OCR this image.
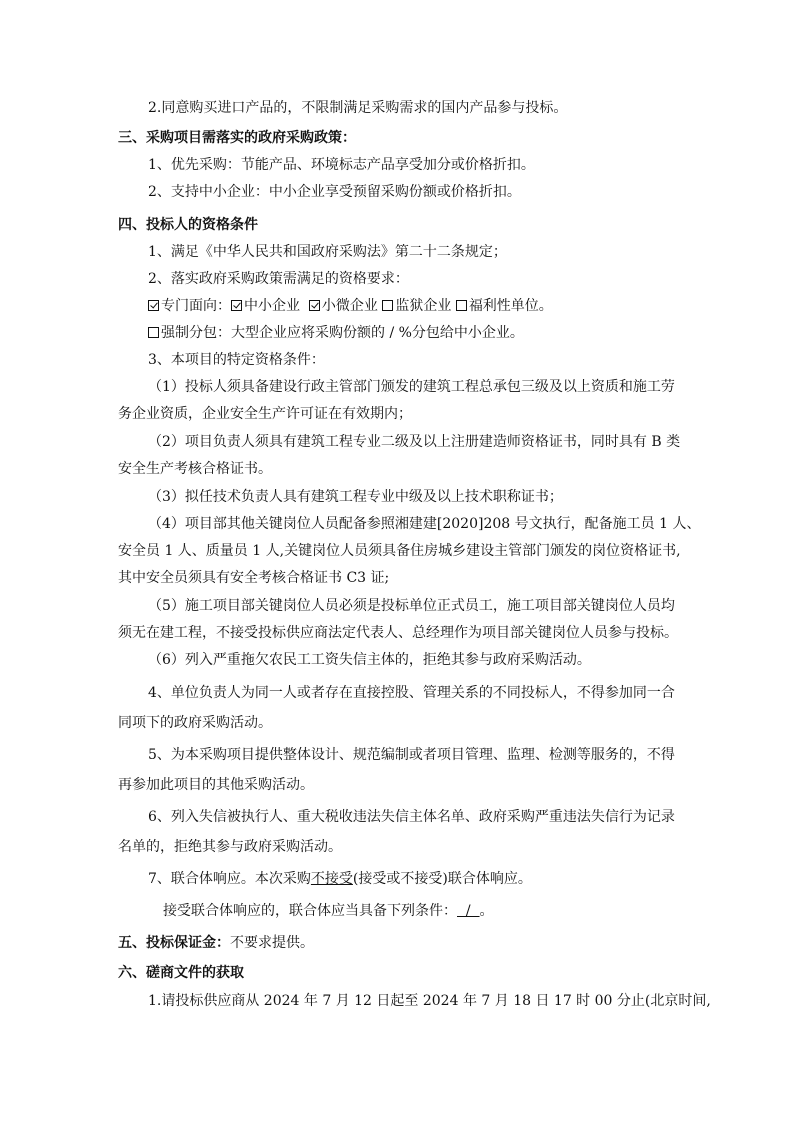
2.同意购买进口产品的，不限制满足采购需求的国内产品参与投标。
三、采购项目需落实的政府采购政策：
1、优先采购：节能产品、环境标志产品享受加分或价格折扣。
2、支持中小企业：中小企业享受预留采购份额或价格折扣。
四、投标人的资格条件
1、满足《中华人民共和国政府采购法》第二十二条规定；
2、落实政府采购政策需满足的资格要求：
专门面向： 中小企业 小微企业 监狱企业 福利性单位。
强制分包：大型企业应将采购份额的 / %分包给中小企业。
3、本项目的特定资格条件：
（1）投标人须具备建设行政主管部门颁发的建筑工程总承包三级及以上资质和施工劳
务企业资质，企业安全生产许可证在有效期内；
（2）项目负责人须具有建筑工程专业二级及以上注册建造师资格证书，同时具有 B 类
安全生产考核合格证书。
（3）拟任技术负责人具有建筑工程专业中级及以上技术职称证书；
（4）项目部其他关键岗位人员配备参照湘建建[2020]208 号文执行，配备施工员 1 人、
安全员 1 人、质量员 1 人,关键岗位人员须具备住房城乡建设主管部门颁发的岗位资格证书,
其中安全员须具有安全考核合格证书 C3 证;
（5）施工项目部关键岗位人员必须是投标单位正式员工，施工项目部关键岗位人员均
须无在建工程，不接受投标供应商法定代表人、总经理作为项目部关键岗位人员参与投标。
（6）列入严重拖欠农民工工资失信主体的，拒绝其参与政府采购活动。
4、单位负责人为同一人或者存在直接控股、管理关系的不同投标人，不得参加同一合
同项下的政府采购活动。
5、为本采购项目提供整体设计、规范编制或者项目管理、监理、检测等服务的，不得
再参加此项目的其他采购活动。
6、列入失信被执行人、重大税收违法失信主体名单、政府采购严重违法失信行为记录
名单的，拒绝其参与政府采购活动。
7、联合体响应。本次采购不接受(接受或不接受)联合体响应。
接受联合体响应的，联合体应当具备下列条件：  /  。
五、投标保证金：不要求提供。
六、磋商文件的获取
1.请投标供应商从 2024 年 7 月 12 日起至 2024 年 7 月 18 日 17 时 00 分止(北京时间,
